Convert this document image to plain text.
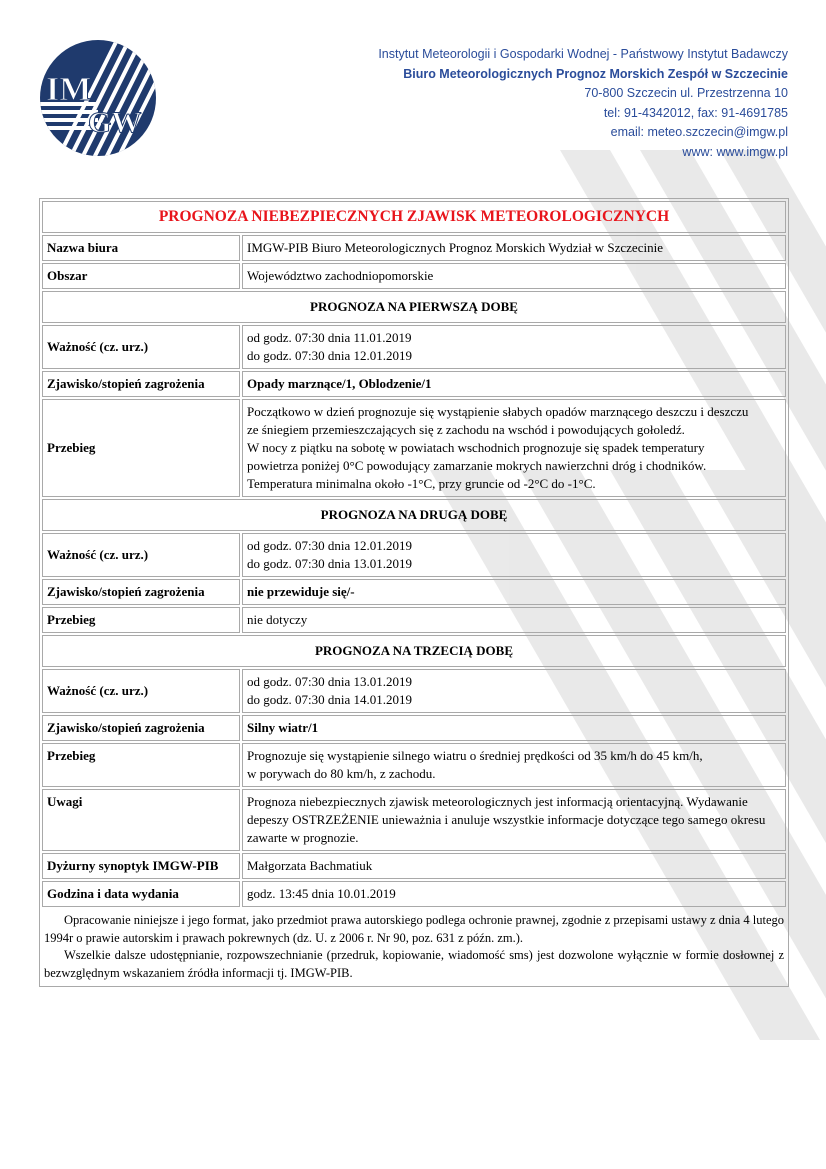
IM
GW
Instytut Meteorologii i Gospodarki Wodnej - Państwowy Instytut Badawczy
Biuro Meteorologicznych Prognoz Morskich Zespół w Szczecinie
70-800 Szczecin ul. Przestrzenna 10
tel: 91-4342012, fax: 91-4691785
email: meteo.szczecin@imgw.pl
www: www.imgw.pl
PROGNOZA NIEBEZPIECZNYCH ZJAWISK METEOROLOGICZNYCH	
Nazwa biura	IMGW-PIB Biuro Meteorologicznych Prognoz Morskich Wydział w Szczecinie
Obszar	Województwo zachodniopomorskie
PROGNOZA NA PIERWSZĄ DOBĘ	
Ważność (cz. urz.)	od godz. 07:30 dnia 11.01.2019
do godz. 07:30 dnia 12.01.2019

Zjawisko/stopień zagrożenia	Opady marznące/1, Oblodzenie/1
Przebieg	Początkowo w dzień prognozuje się wystąpienie słabych opadów marznącego deszczu i deszczu
ze śniegiem przemieszczających się z zachodu na wschód i powodujących gołoledź.
W nocy z piątku na sobotę w powiatach wschodnich prognozuje się spadek temperatury
powietrza poniżej 0°C powodujący zamarzanie mokrych nawierzchni dróg i chodników.
Temperatura minimalna około -1°C, przy gruncie od -2°C do -1°C.

PROGNOZA NA DRUGĄ DOBĘ	
Ważność (cz. urz.)	od godz. 07:30 dnia 12.01.2019
do godz. 07:30 dnia 13.01.2019

Zjawisko/stopień zagrożenia	nie przewiduje się/-
Przebieg	nie dotyczy
PROGNOZA NA TRZECIĄ DOBĘ	
Ważność (cz. urz.)	od godz. 07:30 dnia 13.01.2019
do godz. 07:30 dnia 14.01.2019

Zjawisko/stopień zagrożenia	Silny wiatr/1
Przebieg	Prognozuje się wystąpienie silnego wiatru o średniej prędkości od 35 km/h do 45 km/h,
w porywach do 80 km/h, z zachodu.

Uwagi	Prognoza niebezpiecznych zjawisk meteorologicznych jest informacją orientacyjną. Wydawanie depeszy OSTRZEŻENIE unieważnia i anuluje wszystkie informacje dotyczące tego samego okresu zawarte w prognozie.
Dyżurny synoptyk IMGW-PIB	Małgorzata Bachmatiuk
Godzina i data wydania	godz. 13:45 dnia 10.01.2019

Opracowanie niniejsze i jego format, jako przedmiot prawa autorskiego podlega ochronie prawnej, zgodnie z przepisami ustawy z dnia 4 lutego 1994r o prawie autorskim i prawach pokrewnych (dz. U. z 2006 r. Nr 90, poz. 631 z późn. zm.).

Wszelkie dalsze udostępnianie, rozpowszechnianie (przedruk, kopiowanie, wiadomość sms) jest dozwolone wyłącznie w formie dosłownej z bezwzględnym wskazaniem źródła informacji tj. IMGW-PIB.
